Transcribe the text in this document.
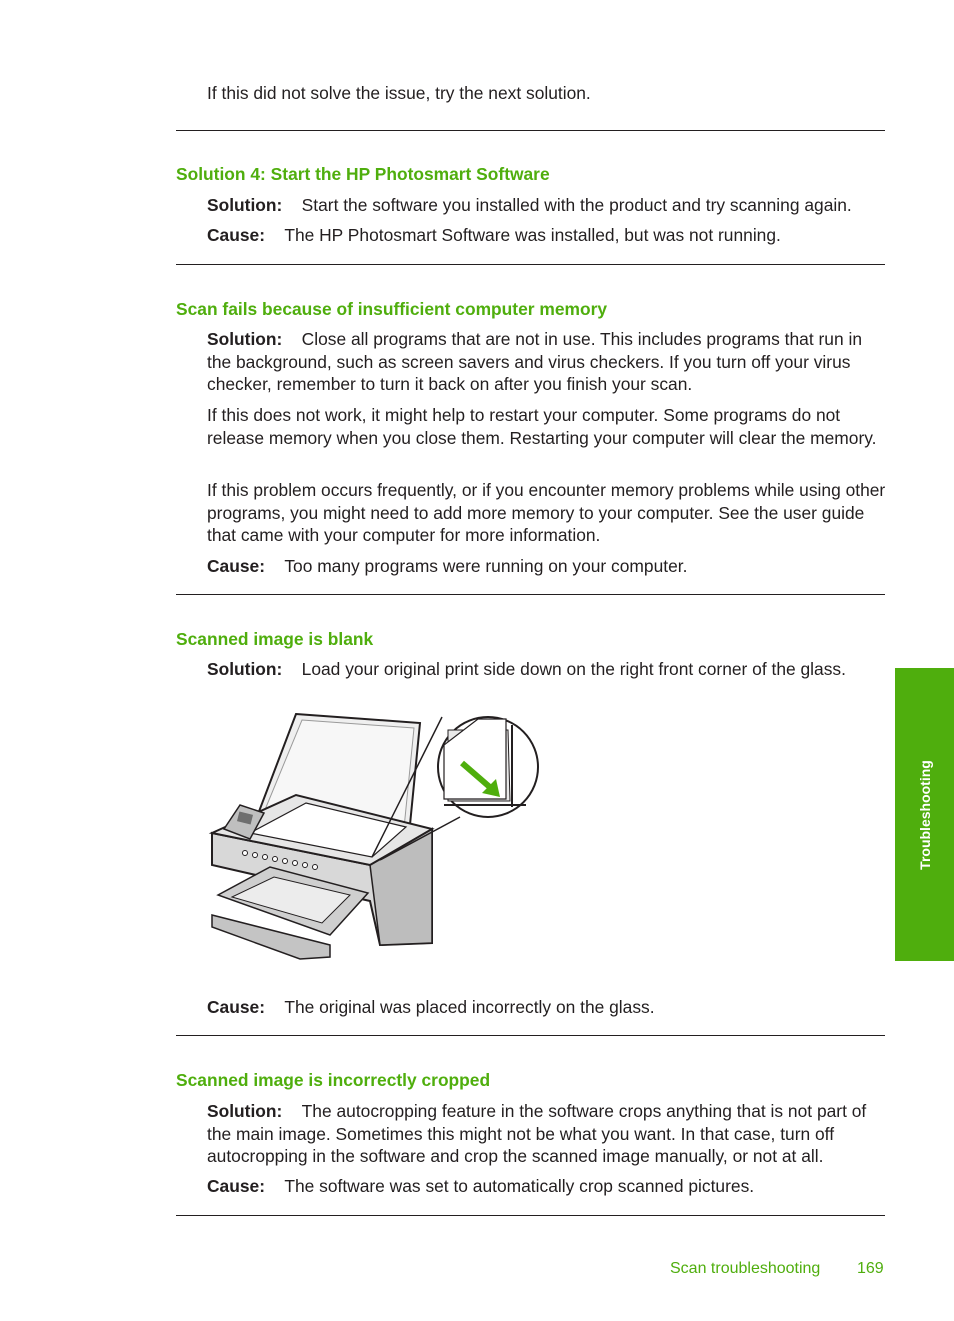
If this did not solve the issue, try the next solution.

Solution 4: Start the HP Photosmart Software

Solution: Start the software you installed with the product and try scanning again.

Cause: The HP Photosmart Software was installed, but was not running.

Scan fails because of insufficient computer memory

Solution: Close all programs that are not in use. This includes programs that run in the background, such as screen savers and virus checkers. If you turn off your virus checker, remember to turn it back on after you finish your scan.

If this does not work, it might help to restart your computer. Some programs do not release memory when you close them. Restarting your computer will clear the memory.

If this problem occurs frequently, or if you encounter memory problems while using other programs, you might need to add more memory to your computer. See the user guide that came with your computer for more information.

Cause: Too many programs were running on your computer.

Scanned image is blank

Solution: Load your original print side down on the right front corner of the glass.

Cause: The original was placed incorrectly on the glass.

Scanned image is incorrectly cropped

Solution: The autocropping feature in the software crops anything that is not part of the main image. Sometimes this might not be what you want. In that case, turn off autocropping in the software and crop the scanned image manually, or not at all.

Cause: The software was set to automatically crop scanned pictures.

Troubleshooting
Scan troubleshooting 169
